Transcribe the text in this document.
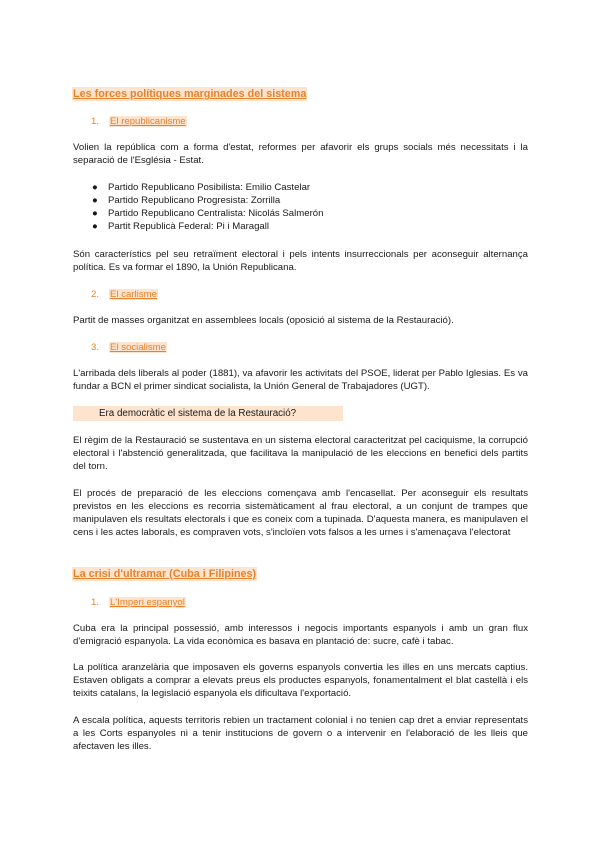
Les forces polítiques marginades del sistema
1. El republicanisme

Volien la república com a forma d'estat, reformes per afavorir els grups socials més necessitats i la separació de l'Església - Estat.

● Partido Republicano Posibilista: Emilio Castelar
● Partido Republicano Progresista: Zorrilla
● Partido Republicano Centralista: Nicolás Salmerón
● Partit Republicà Federal: Pi i Maragall

Són característics pel seu retraïment electoral i pels intents insurreccionals per aconseguir alternança política. Es va formar el 1890, la Unión Republicana.

2. El carlisme

Partit de masses organitzat en assemblees locals (oposició al sistema de la Restauració).

3. El socialisme

L'arribada dels liberals al poder (1881), va afavorir les activitats del PSOE, liderat per Pablo Iglesias. Es va fundar a BCN el primer sindicat socialista, la Unión General de Trabajadores (UGT).

Era democràtic el sistema de la Restauració?

El règim de la Restauració se sustentava en un sistema electoral caracteritzat pel caciquisme, la corrupció electoral i l'abstenció generalitzada, que facilitava la manipulació de les eleccions en benefici dels partits del torn.

El procés de preparació de les eleccions començava amb l'encasellat. Per aconseguir els resultats previstos en les eleccions es recorria sistemàticament al frau electoral, a un conjunt de trampes que manipulaven els resultats electorals i que es coneix com a tupinada. D'aquesta manera, es manipulaven el cens i les actes laborals, es compraven vots, s'incloïen vots falsos a les urnes i s'amenaçava l'electorat

La crisi d'ultramar (Cuba i Filipines)
1. L'Imperi espanyol

Cuba era la principal possessió, amb interessos i negocis importants espanyols i amb un gran flux d'emigració espanyola. La vida econòmica es basava en plantació de: sucre, cafè i tabac.

La política aranzelària que imposaven els governs espanyols convertia les illes en uns mercats captius. Estaven obligats a comprar a elevats preus els productes espanyols, fonamentalment el blat castellà i els teixits catalans, la legislació espanyola els dificultava l'exportació.

A escala política, aquests territoris rebien un tractament colonial i no tenien cap dret a enviar representats a les Corts espanyoles ni a tenir institucions de govern o a intervenir en l'elaboració de les lleis que afectaven les illes.
